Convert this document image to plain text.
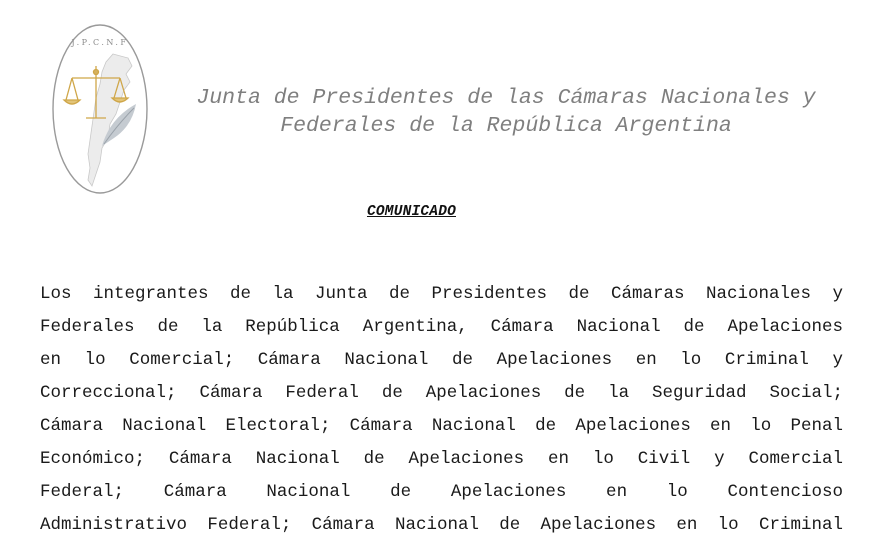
J.P.C.N.F
Junta de Presidentes de las Cámaras Nacionales y
Federales de la República Argentina
COMUNICADO
Los integrantes de la Junta de Presidentes de Cámaras Nacionales y
Federales de la República Argentina, Cámara Nacional de Apelaciones
en lo Comercial; Cámara Nacional de Apelaciones en lo Criminal y
Correccional; Cámara Federal de Apelaciones de la Seguridad Social;
Cámara Nacional Electoral; Cámara Nacional de Apelaciones en lo Penal
Económico; Cámara Nacional de Apelaciones en lo Civil y Comercial
Federal; Cámara Nacional de Apelaciones en lo Contencioso
Administrativo Federal; Cámara Nacional de Apelaciones en lo Criminal
